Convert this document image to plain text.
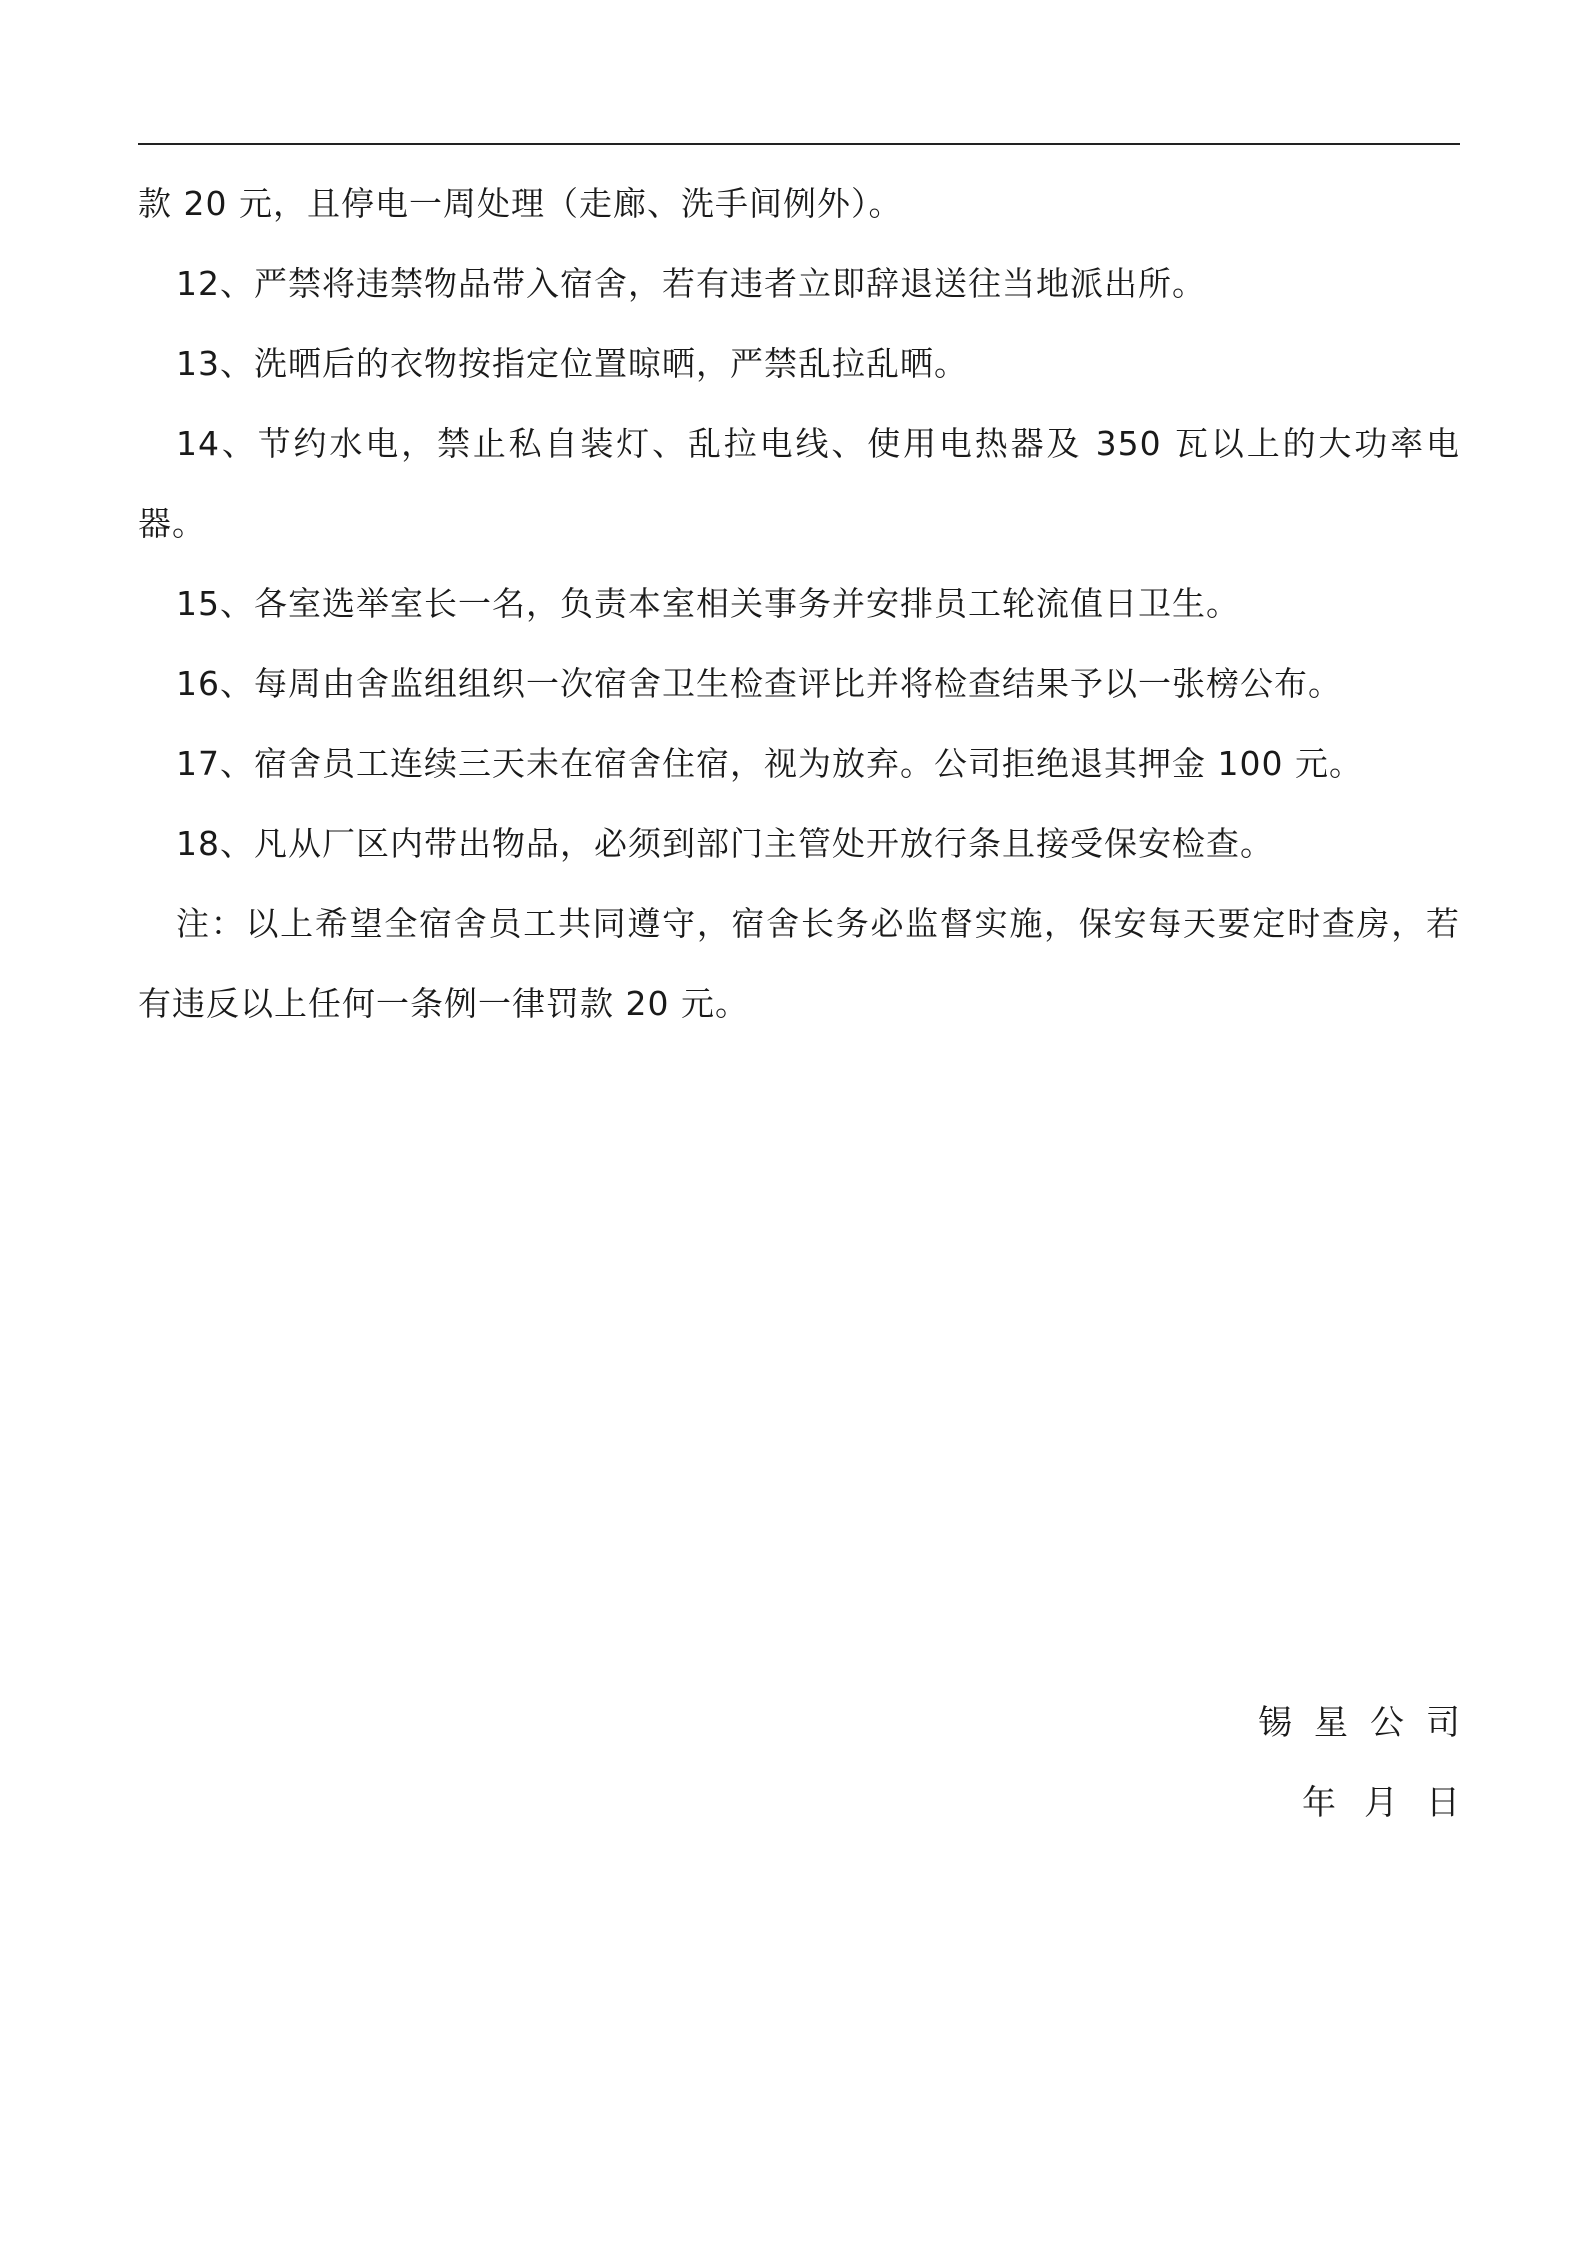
款 20 元，且停电一周处理（走廊、洗手间例外）。

12、严禁将违禁物品带入宿舍，若有违者立即辞退送往当地派出所。

13、洗晒后的衣物按指定位置晾晒，严禁乱拉乱晒。

14、节约水电，禁止私自装灯、乱拉电线、使用电热器及 350 瓦以上的大功率电器。

15、各室选举室长一名，负责本室相关事务并安排员工轮流值日卫生。

16、每周由舍监组组织一次宿舍卫生检查评比并将检查结果予以一张榜公布。

17、宿舍员工连续三天未在宿舍住宿，视为放弃。公司拒绝退其押金 100 元。

18、凡从厂区内带出物品，必须到部门主管处开放行条且接受保安检查。

注：以上希望全宿舍员工共同遵守，宿舍长务必监督实施，保安每天要定时查房，若有违反以上任何一条例一律罚款 20 元。

锡星公司
年 月 日
